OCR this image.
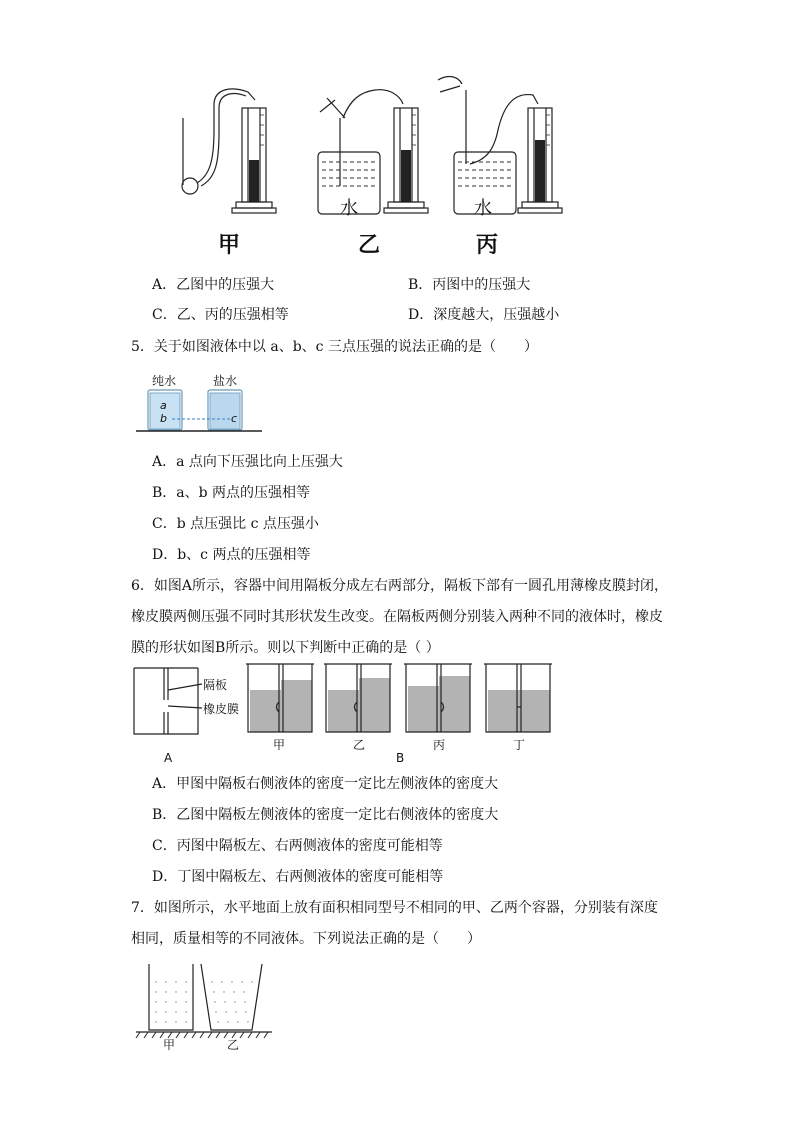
水	水
甲	乙	丙
A．乙图中的压强大	B．丙图中的压强大
C．乙、丙的压强相等	D．深度越大，压强越小
5．关于如图液体中以 a、b、c 三点压强的说法正确的是（　　）
纯水	盐水
a
b	c
A．a 点向下压强比向上压强大
B．a、b 两点的压强相等
C．b 点压强比 c 点压强小
D．b、c 两点的压强相等
6．如图A所示，容器中间用隔板分成左右两部分，隔板下部有一圆孔用薄橡皮膜封闭，
橡皮膜两侧压强不同时其形状发生改变。在隔板两侧分别装入两种不同的液体时，橡皮
膜的形状如图B所示。则以下判断中正确的是（ ）
隔板
橡皮膜
A	B
甲	乙	丙	丁
A．甲图中隔板右侧液体的密度一定比左侧液体的密度大
B．乙图中隔板左侧液体的密度一定比右侧液体的密度大
C．丙图中隔板左、右两侧液体的密度可能相等
D．丁图中隔板左、右两侧液体的密度可能相等
7．如图所示，水平地面上放有面积相同型号不相同的甲、乙两个容器，分别装有深度
相同，质量相等的不同液体。下列说法正确的是（　　）
甲	乙
